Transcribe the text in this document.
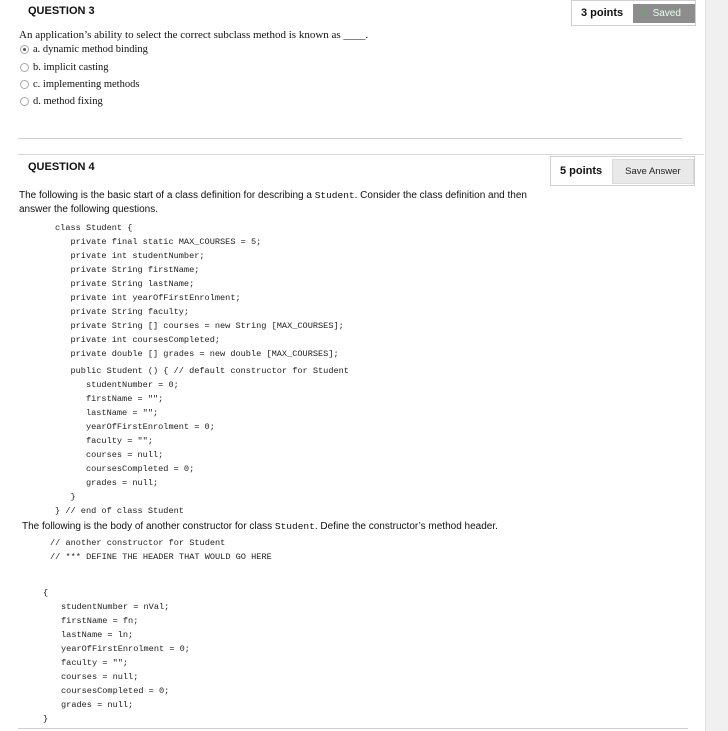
QUESTION 3	3 points	✓ Saved
An application’s ability to select the correct subclass method is known as ____.
a. dynamic method binding
b. implicit casting
c. implementing methods
d. method fixing
QUESTION 4	5 points	Save Answer
The following is the basic start of a class definition for describing a Student. Consider the class definition and then answer the following questions.
class Student {
private final static MAX_COURSES = 5;
private int studentNumber;
private String firstName;
private String lastName;
private int yearOfFirstEnrolment;
private String faculty;
private String [] courses = new String [MAX_COURSES];
private int coursesCompleted;
private double [] grades = new double [MAX_COURSES];
public Student () { // default constructor for Student
studentNumber = 0;
firstName = "";
lastName = "";
yearOfFirstEnrolment = 0;
faculty = "";
courses = null;
coursesCompleted = 0;
grades = null;
}
} // end of class Student
The following is the body of another constructor for class Student. Define the constructor’s method header.
// another constructor for Student
// *** DEFINE THE HEADER THAT WOULD GO HERE
{
studentNumber = nVal;
firstName = fn;
lastName = ln;
yearOfFirstEnrolment = 0;
faculty = "";
courses = null;
coursesCompleted = 0;
grades = null;
}
